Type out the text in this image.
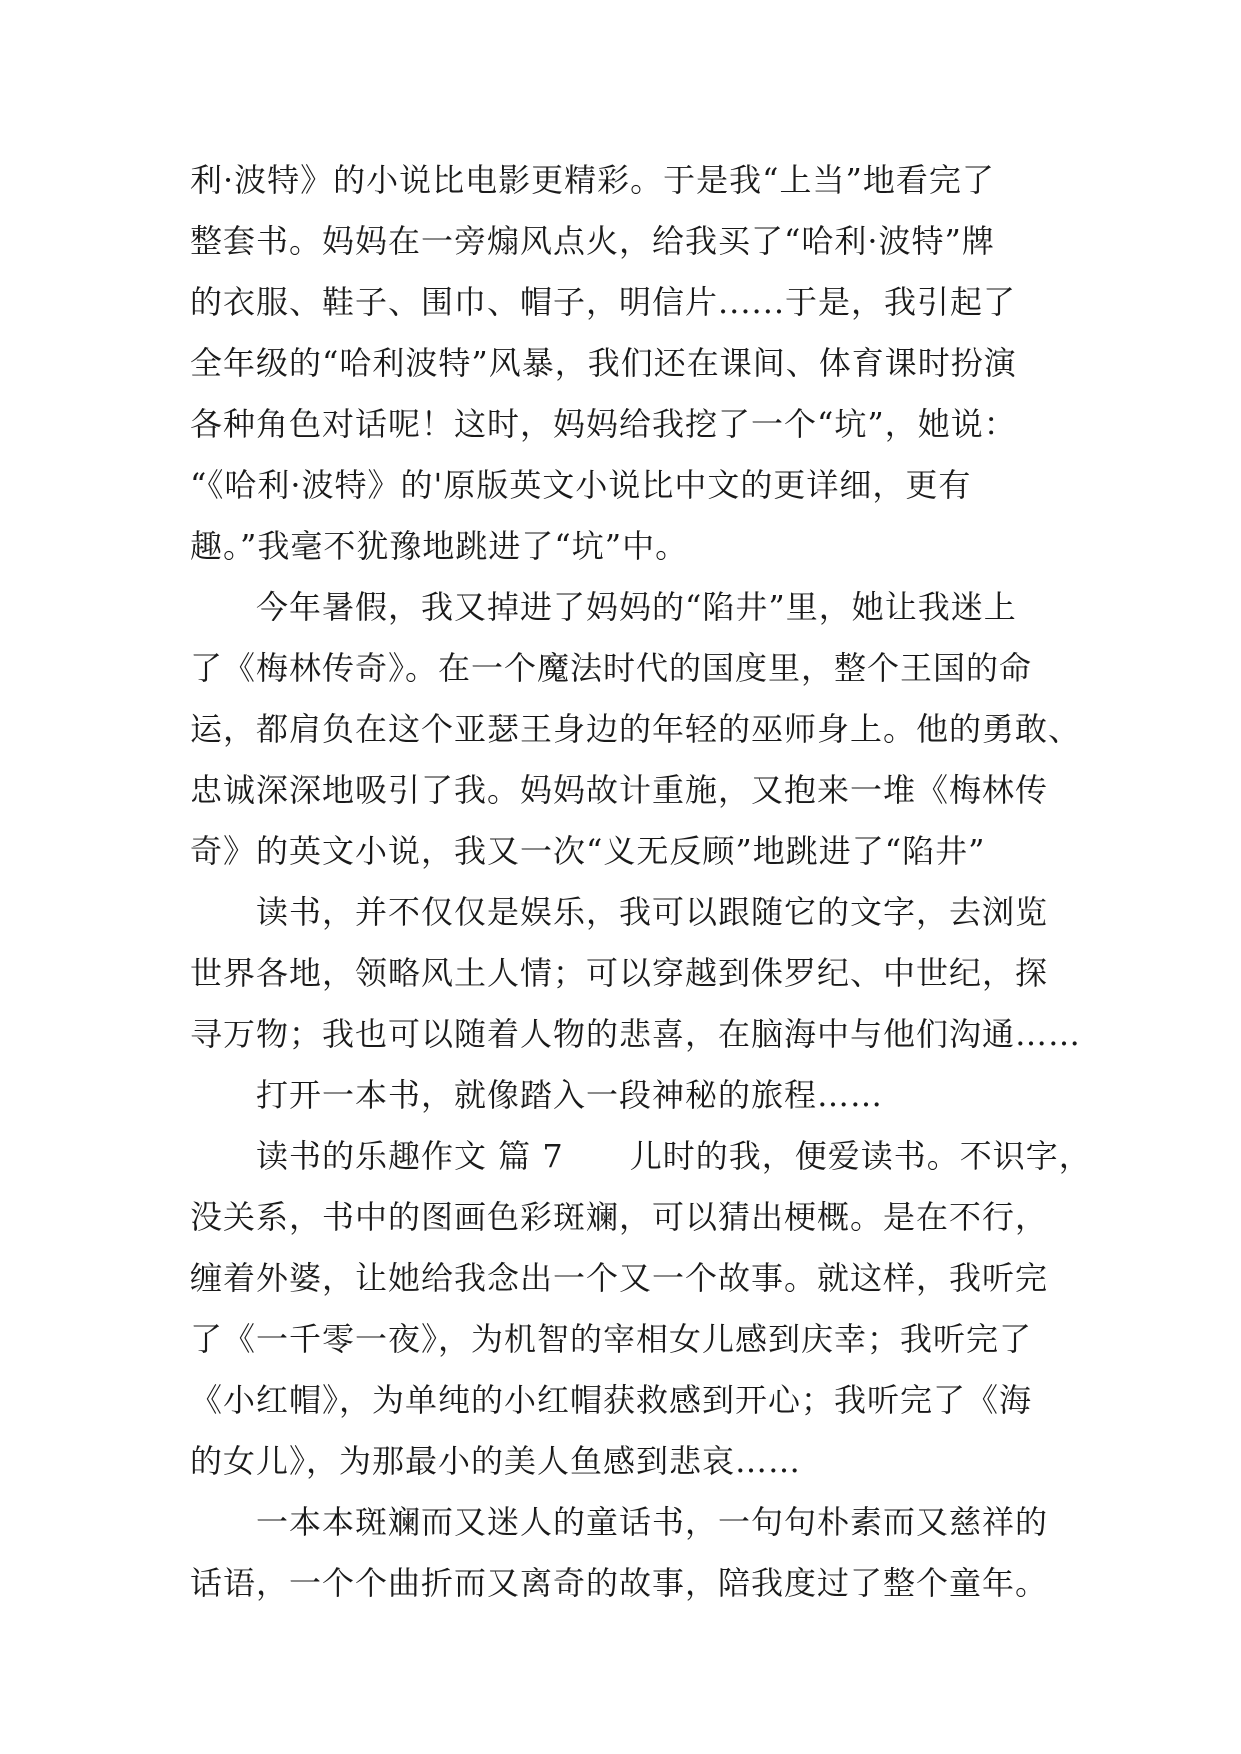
利·波特》的小说比电影更精彩。于是我“上当”地看完了
整套书。妈妈在一旁煽风点火，给我买了“哈利·波特”牌
的衣服、鞋子、围巾、帽子，明信片......于是，我引起了
全年级的“哈利波特”风暴，我们还在课间、体育课时扮演
各种角色对话呢！这时，妈妈给我挖了一个“坑”，她说：
“《哈利·波特》的'原版英文小说比中文的更详细，更有
趣。”我毫不犹豫地跳进了“坑”中。
　　今年暑假，我又掉进了妈妈的“陷井”里，她让我迷上
了《梅林传奇》。在一个魔法时代的国度里，整个王国的命
运，都肩负在这个亚瑟王身边的年轻的巫师身上。他的勇敢、
忠诚深深地吸引了我。妈妈故计重施，又抱来一堆《梅林传
奇》的英文小说，我又一次“义无反顾”地跳进了“陷井”
　　读书，并不仅仅是娱乐，我可以跟随它的文字，去浏览
世界各地，领略风土人情；可以穿越到侏罗纪、中世纪，探
寻万物；我也可以随着人物的悲喜，在脑海中与他们沟通……
　　打开一本书，就像踏入一段神秘的旅程……
　　读书的乐趣作文 篇 7　　儿时的我，便爱读书。不识字，
没关系，书中的图画色彩斑斓，可以猜出梗概。是在不行，
缠着外婆，让她给我念出一个又一个故事。就这样，我听完
了《一千零一夜》，为机智的宰相女儿感到庆幸；我听完了
《小红帽》，为单纯的小红帽获救感到开心；我听完了《海
的女儿》，为那最小的美人鱼感到悲哀……
　　一本本斑斓而又迷人的童话书，一句句朴素而又慈祥的
话语，一个个曲折而又离奇的故事，陪我度过了整个童年。
